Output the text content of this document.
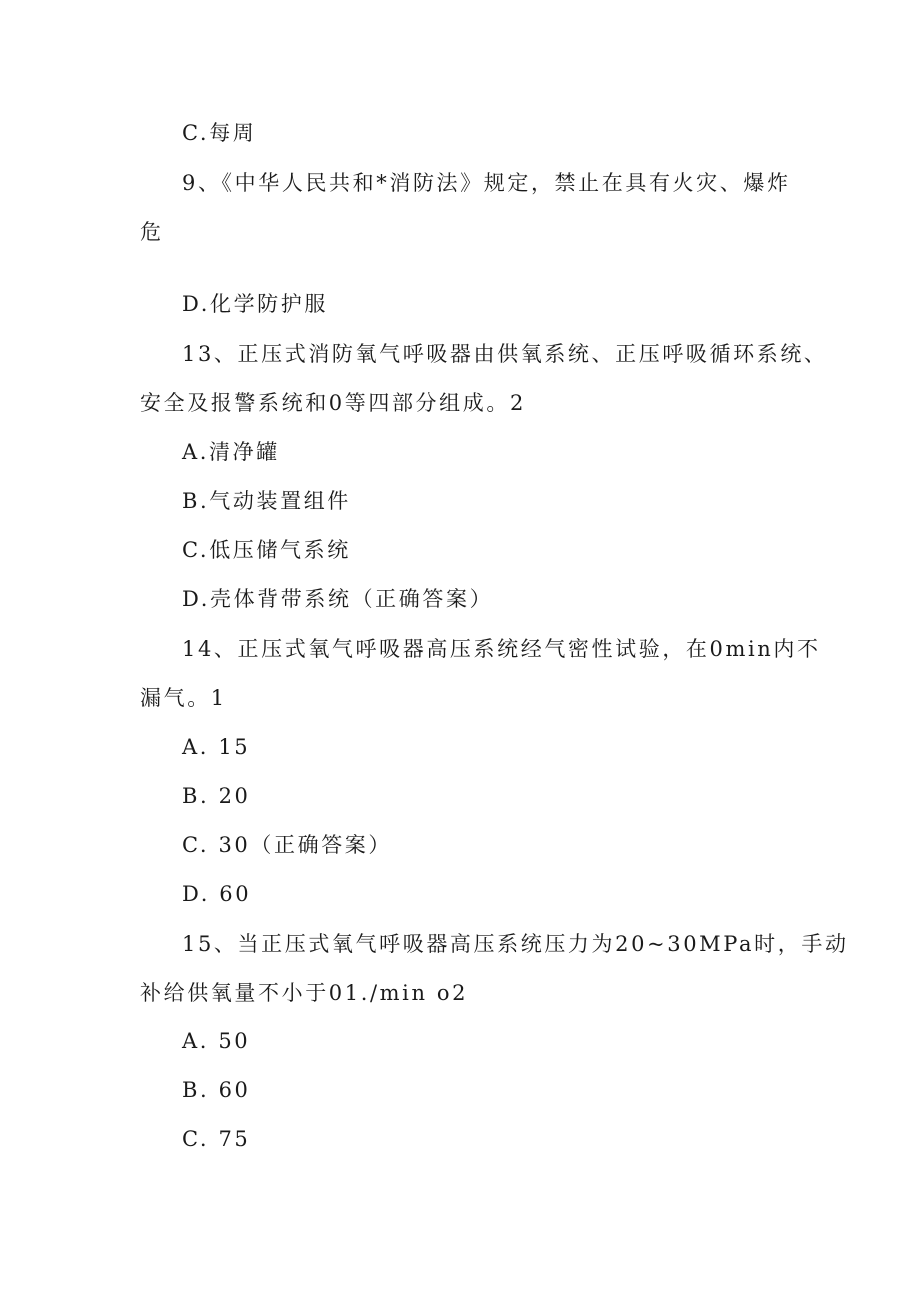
C.每周
9、《中华人民共和*消防法》规定，禁止在具有火灾、爆炸
危
D.化学防护服
13、正压式消防氧气呼吸器由供氧系统、正压呼吸循环系统、
安全及报警系统和0等四部分组成。2
A.清净罐
B.气动装置组件
C.低压储气系统
D.壳体背带系统（正确答案）
14、正压式氧气呼吸器高压系统经气密性试验，在0min内不
漏气。1
A. 15
B. 20
C. 30（正确答案）
D. 60
15、当正压式氧气呼吸器高压系统压力为20~30MPa时，手动
补给供氧量不小于01./min o2
A. 50
B. 60
C. 75
